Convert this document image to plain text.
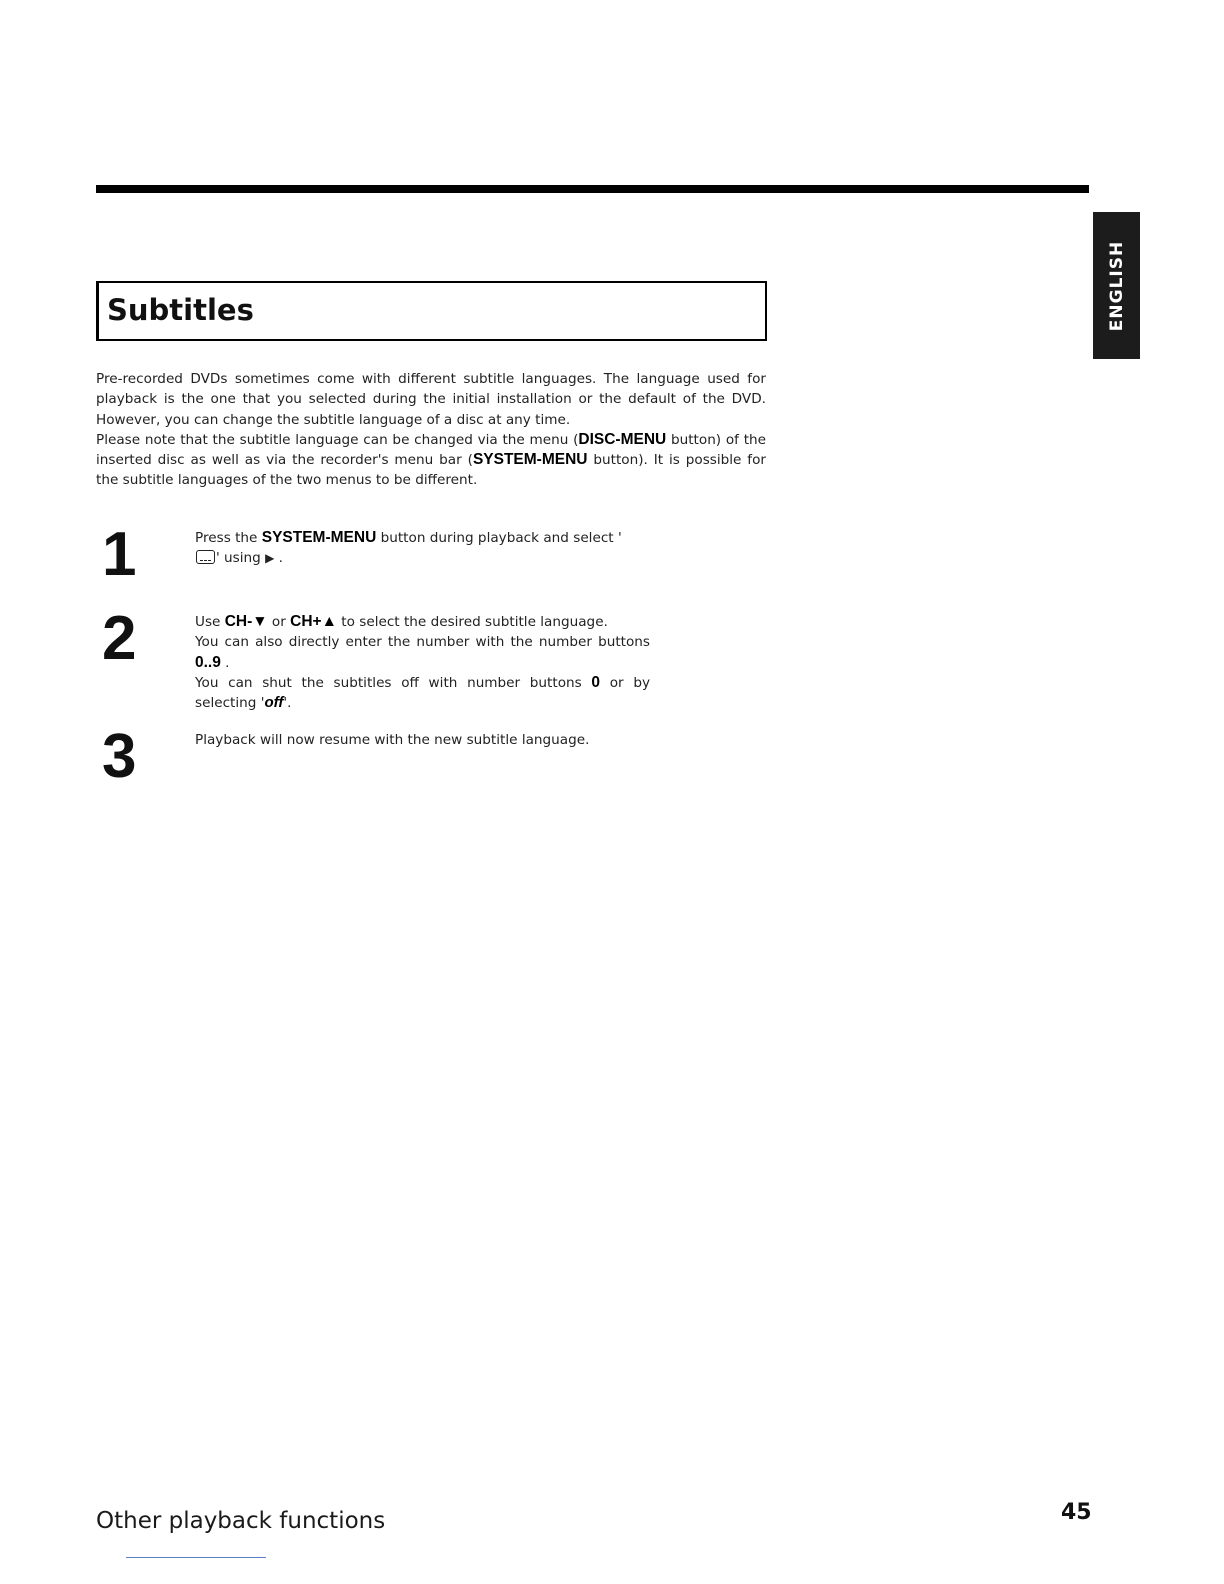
ENGLISH
Subtitles

Pre-recorded DVDs sometimes come with different subtitle languages. The language used for playback is the one that you selected during the initial installation or the default of the DVD. However, you can change the subtitle language of a disc at any time.

Please note that the subtitle language can be changed via the menu (DISC-MENU button) of the inserted disc as well as via the recorder's menu bar (SYSTEM-MENU button). It is possible for the subtitle languages of the two menus to be different.

1	Press the SYSTEM-MENU button during playback and select '
' using ▶ .

2	Use CH-▼ or CH+▲ to select the desired subtitle language.

You can also directly enter the number with the number buttons 0..9 .

You can shut the subtitles off with number buttons 0 or by selecting 'off'.

3	Playback will now resume with the new subtitle language.

Other playback functions	45
